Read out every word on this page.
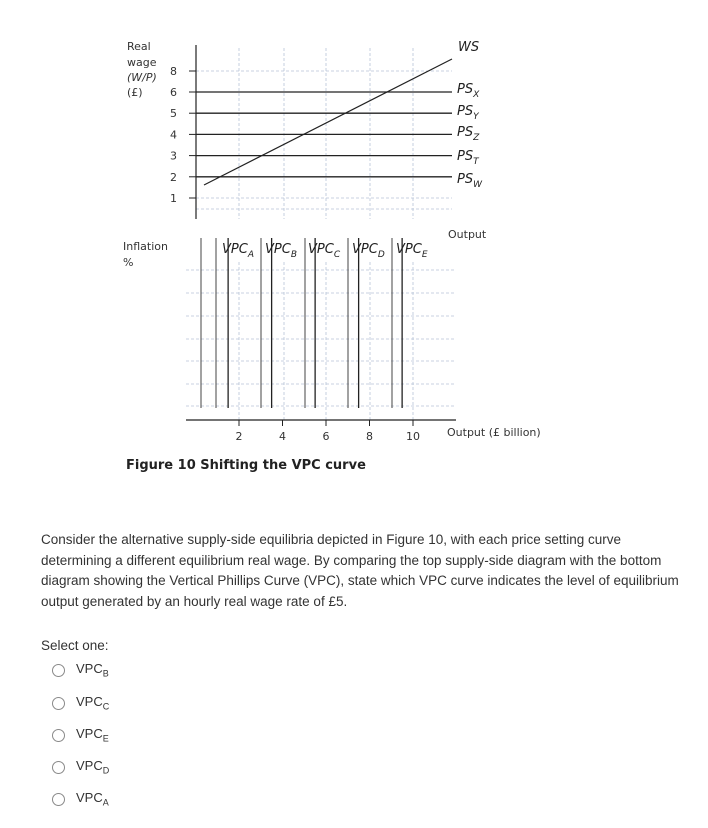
Real
wage
(W/P)
(£)
8
6
5
4
3
2
1
$PS_X$
$PS_Y$
$PS_Z$
$PS_T$
$PS_W$
WS
Output
Inflation
%
$VPC_A$ $VPC_B$ $VPC_C$ $VPC_D$ $VPC_E$
2	4	6	8	10 Output (£ billion)
Figure 10 Shifting the VPC curve

Consider the alternative supply-side equilibria depicted in Figure 10, with each price setting curve determining a different equilibrium real wage. By comparing the top supply-side diagram with the bottom diagram showing the Vertical Phillips Curve (VPC), state which VPC curve indicates the level of equilibrium output generated by an hourly real wage rate of £5.

Select one:
$VPC_B$
$VPC_C$
$VPC_E$
$VPC_D$
$VPC_A$
